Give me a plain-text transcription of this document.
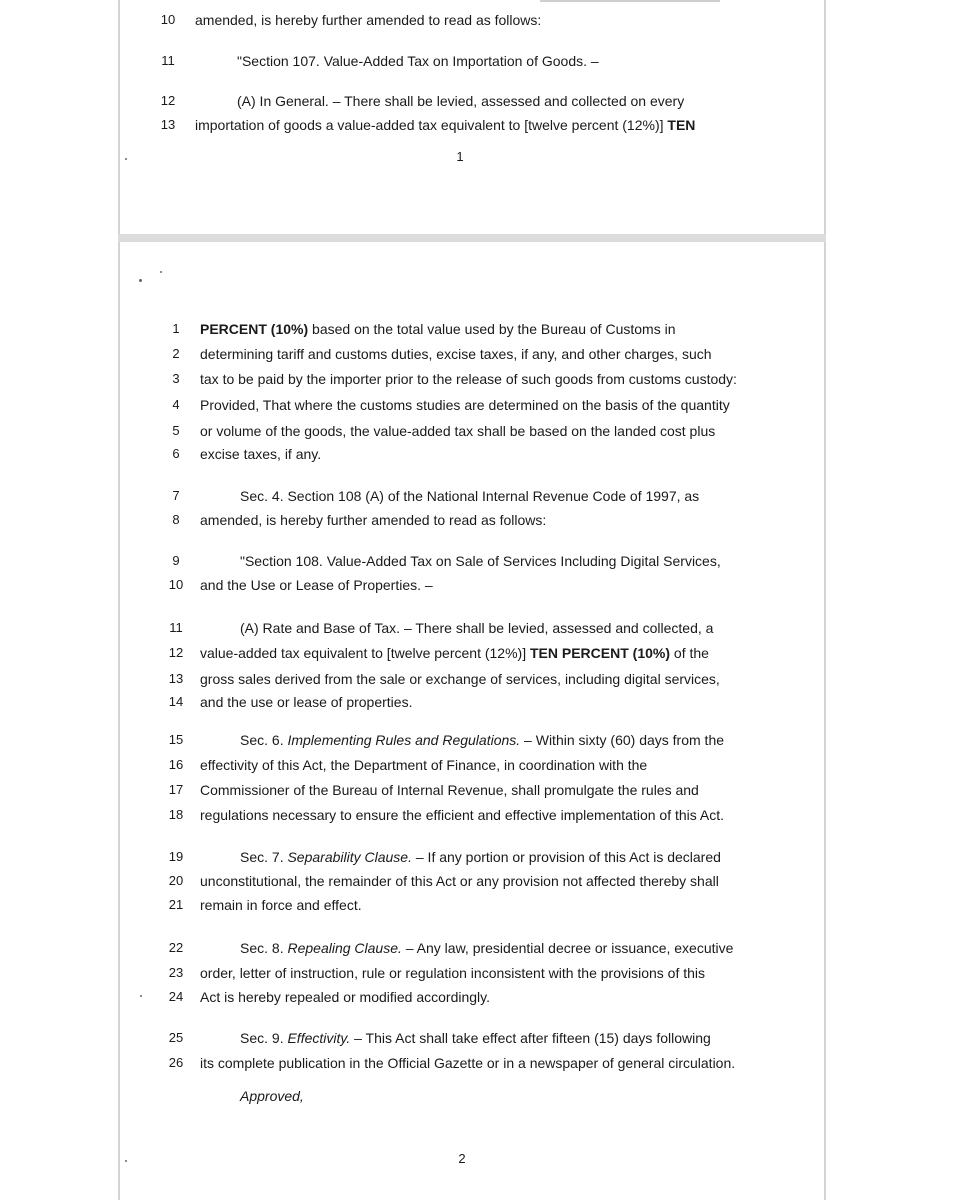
10	amended, is hereby further amended to read as follows:
11	"Section 107. Value-Added Tax on Importation of Goods. –
12	(A) In General. – There shall be levied, assessed and collected on every
13	importation of goods a value-added tax equivalent to [twelve percent (12%)] TEN
1
1	PERCENT (10%) based on the total value used by the Bureau of Customs in
2	determining tariff and customs duties, excise taxes, if any, and other charges, such
3	tax to be paid by the importer prior to the release of such goods from customs custody:
4	Provided, That where the customs studies are determined on the basis of the quantity
5	or volume of the goods, the value-added tax shall be based on the landed cost plus
6	excise taxes, if any.
7	Sec. 4. Section 108 (A) of the National Internal Revenue Code of 1997, as
8	amended, is hereby further amended to read as follows:
9	"Section 108. Value-Added Tax on Sale of Services Including Digital Services,
10	and the Use or Lease of Properties. –
11	(A) Rate and Base of Tax. – There shall be levied, assessed and collected, a
12	value-added tax equivalent to [twelve percent (12%)] TEN PERCENT (10%) of the
13	gross sales derived from the sale or exchange of services, including digital services,
14	and the use or lease of properties.
15	Sec. 6. Implementing Rules and Regulations. – Within sixty (60) days from the
16	effectivity of this Act, the Department of Finance, in coordination with the
17	Commissioner of the Bureau of Internal Revenue, shall promulgate the rules and
18	regulations necessary to ensure the efficient and effective implementation of this Act.
19	Sec. 7. Separability Clause. – If any portion or provision of this Act is declared
20	unconstitutional, the remainder of this Act or any provision not affected thereby shall
21	remain in force and effect.
22	Sec. 8. Repealing Clause. – Any law, presidential decree or issuance, executive
23	order, letter of instruction, rule or regulation inconsistent with the provisions of this
24	Act is hereby repealed or modified accordingly.
25	Sec. 9. Effectivity. – This Act shall take effect after fifteen (15) days following
26	its complete publication in the Official Gazette or in a newspaper of general circulation.
Approved,
2
